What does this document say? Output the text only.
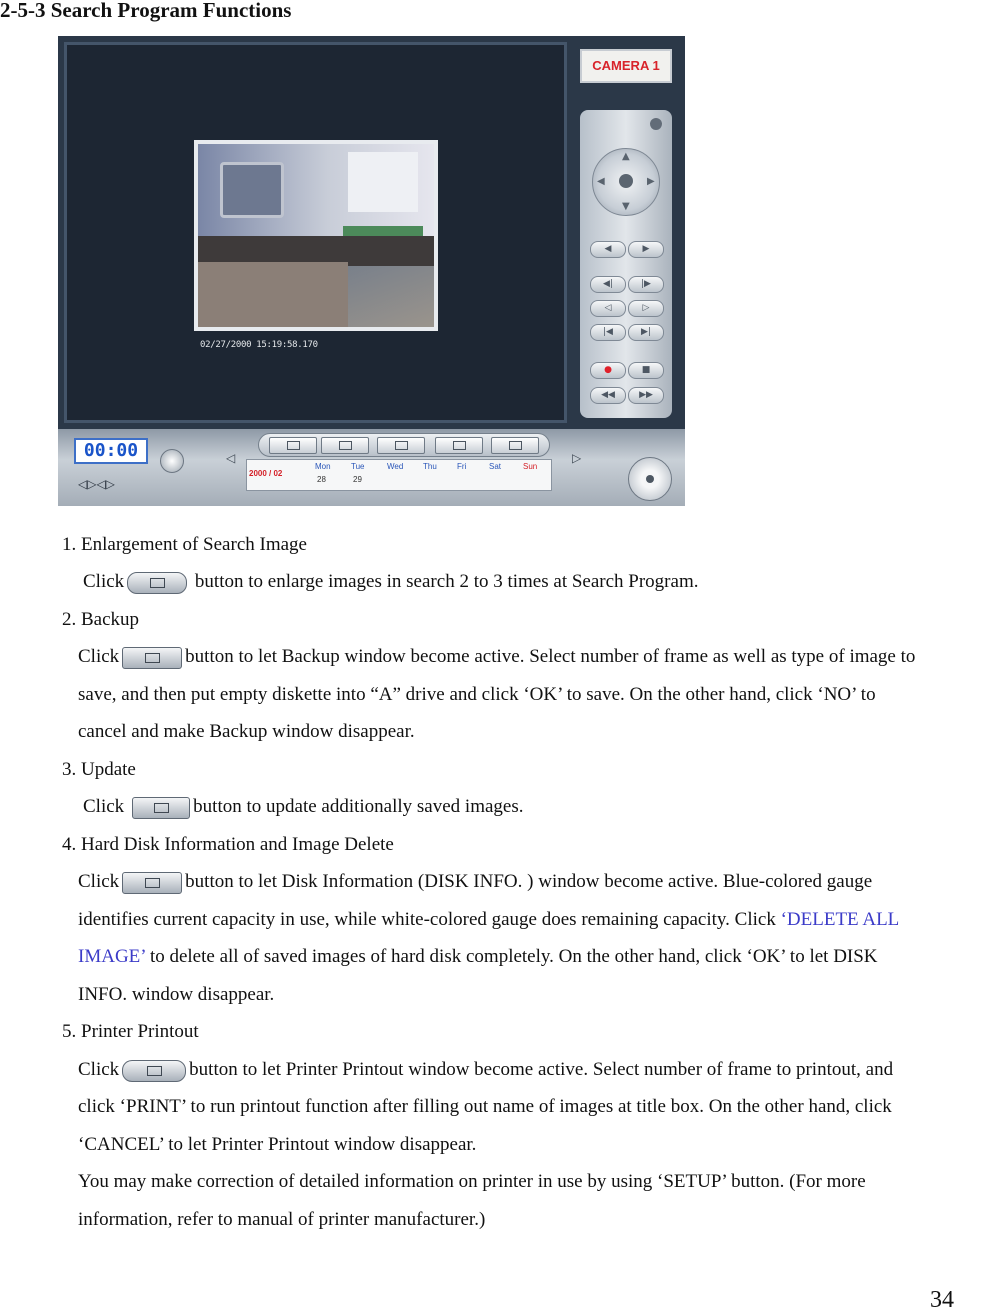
2-5-3 Search Program Functions
02/27/2000 15:19:58.170
CAMERA 1
▲
▼
◀	▶
◀	▶
◀|	|▶
◁	▷
|◀	▶|
●	■
◀◀	▶▶
00:00
◁▷◁▷
◁	▷
2000 / 02
Mon	Tue	Wed Thu	Fri	Sat	Sun
28	29
1. Enlargement of Search Image
Click	button to enlarge images in search 2 to 3 times at Search Program.
2. Backup
Click	button to let Backup window become active. Select number of frame as well as type of image to
save, and then put empty diskette into “A” drive and click ‘OK’ to save. On the other hand, click ‘NO’ to
cancel and make Backup window disappear.
3. Update
Click	button to update additionally saved images.
4. Hard Disk Information and Image Delete
Click	button to let Disk Information (DISK INFO. ) window become active. Blue-colored gauge
identifies current capacity in use, while white-colored gauge does remaining capacity. Click ‘DELETE ALL
IMAGE’ to delete all of saved images of hard disk completely. On the other hand, click ‘OK’ to let DISK
INFO. window disappear.
5. Printer Printout
Click	button to let Printer Printout window become active. Select number of frame to printout, and
click ‘PRINT’ to run printout function after filling out name of images at title box. On the other hand, click
‘CANCEL’ to let Printer Printout window disappear.
You may make correction of detailed information on printer in use by using ‘SETUP’ button. (For more
information, refer to manual of printer manufacturer.)
34
